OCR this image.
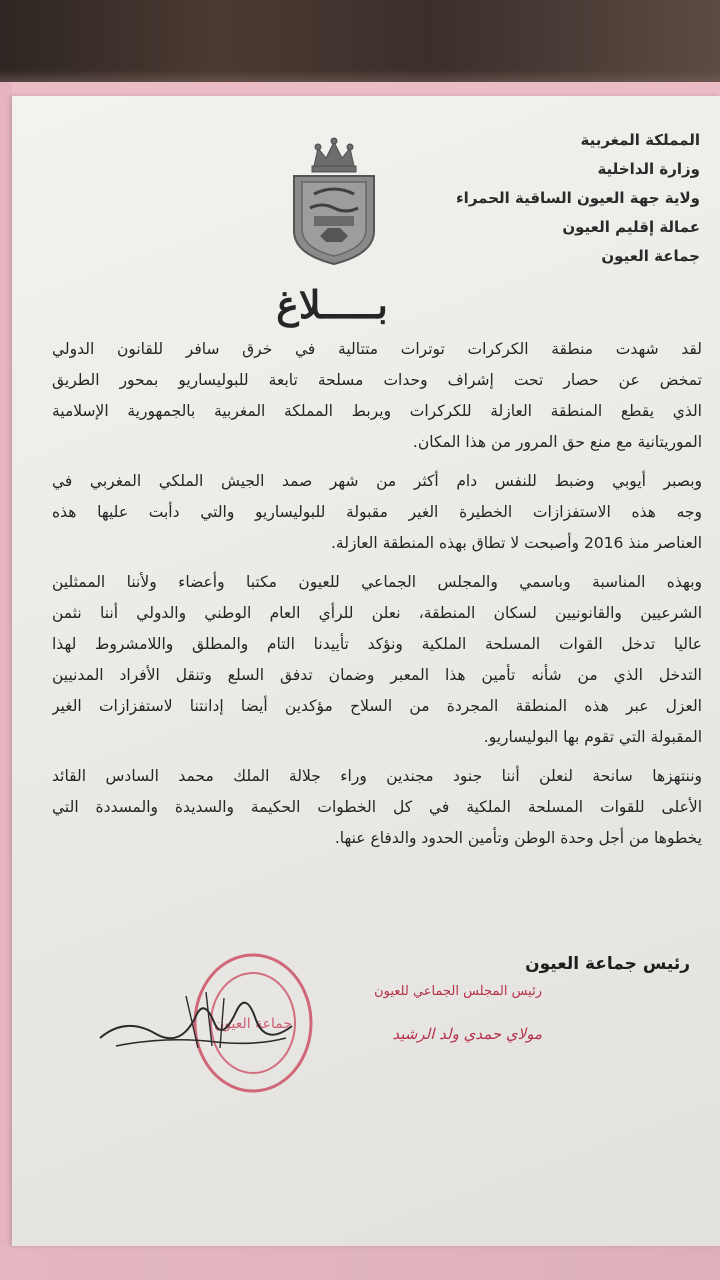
المملكة المغربية
وزارة الداخلية
ولاية جهة العيون الساقية الحمراء
عمالة إقليم العيون
جماعة العيون
بـــــلاغ
لقد شهدت منطقة الكركرات توترات متتالية في خرق سافر للقانون الدولي
تمخض عن حصار تحت إشراف وحدات مسلحة تابعة للبوليساريو بمحور الطريق
الذي يقطع المنطقة العازلة للكركرات ويربط المملكة المغربية بالجمهورية الإسلامية
الموريتانية مع منع حق المرور من هذا المكان.
وبصبر أيوبي وضبط للنفس دام أكثر من شهر صمد الجيش الملكي المغربي في
وجه هذه الاستفزازات الخطيرة الغير مقبولة للبوليساريو والتي دأبت عليها هذه
العناصر منذ 2016 وأصبحت لا تطاق بهذه المنطقة العازلة.
وبهذه المناسبة وباسمي والمجلس الجماعي للعيون مكتبا وأعضاء ولأننا الممثلين
الشرعيين والقانونيين لسكان المنطقة، نعلن للرأي العام الوطني والدولي أننا نثمن
عاليا تدخل القوات المسلحة الملكية ونؤكد تأييدنا التام والمطلق واللامشروط لهذا
التدخل الذي من شأنه تأمين هذا المعبر وضمان تدفق السلع وتنقل الأفراد المدنيين
العزل عبر هذه المنطقة المجردة من السلاح مؤكدين أيضا إدانتنا لاستفزازات الغير
المقبولة التي تقوم بها البوليساريو.
وننتهزها سانحة لنعلن أننا جنود مجندين وراء جلالة الملك محمد السادس القائد
الأعلى للقوات المسلحة الملكية في كل الخطوات الحكيمة والسديدة والمسددة التي
يخطوها من أجل وحدة الوطن وتأمين الحدود والدفاع عنها.
رئيس جماعة العيون
جماعة العيون
رئيس المجلس الجماعي للعيون
مولاي حمدي ولد الرشيد
